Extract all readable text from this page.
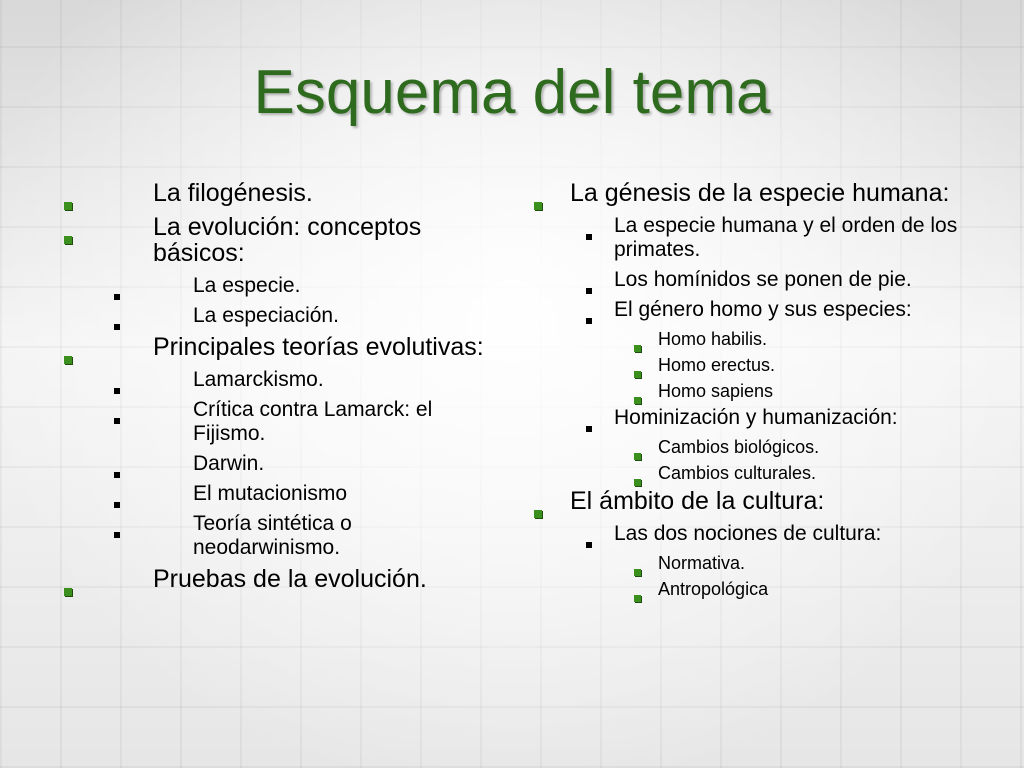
Esquema del tema
La filogénesis.
La evolución: conceptos básicos:
La especie.
La especiación.
Principales teorías evolutivas:
Lamarckismo.
Crítica contra Lamarck: el Fijismo.
Darwin.
El mutacionismo
Teoría sintética o neodarwinismo.
Pruebas de la evolución.
La génesis de la especie humana:
La especie humana y el orden de los primates.
Los homínidos se ponen de pie.
El género homo y sus especies:
Homo habilis.
Homo erectus.
Homo sapiens
Hominización y humanización:
Cambios biológicos.
Cambios culturales.
El ámbito de la cultura:
Las dos nociones de cultura:
Normativa.
Antropológica
